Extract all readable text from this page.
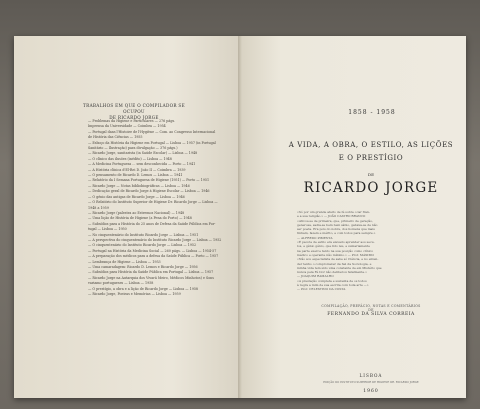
TRABALHOS EM QUE O COMPILADOR SE OCUPOU
DE RICARDO JORGE
— Problemas da Higiene e Particulares — 276 págs.
Imprensa da Universidade — Coimbra — 1954
— Portugal dans l'Histoire de l'Hygiène — Com. ao Congresso Internacional
de História das Ciências — 1955
— Esboço da História da Higiene em Portugal — Lisboa — 1957 (in Portugal
Sanitário — Ilustração) para divulgação — 376 págs.)
— Ricardo Jorge, sanitarista (in Saúde Escolar) — Lisboa — 1948
— O clínico das ilusões (inédito) — Lisboa — 1948
— A Medicina Portuguesa ... sem desconhecida — Porto — 1941
— A História clínica d'El-Rei D. João II — Coimbra — 1939
— O pensamento de Ricardo D. Lemos — Lisboa — 1941
— Relatório da I Semana Portuguesa de Higiene (1951) — Porto — 1951
— Ricardo Jorge — Notas bibliobiográficas — Lisboa — 1946
— Dedicação geral de Ricardo Jorge à Higiene Escolar — Lisboa — 1946
— O génio das antigas de Ricardo Jorge — Lisboa — 1946
— O Relatório do Instituto Superior de Higiene Dr. Ricardo Jorge — Lisboa —
1948 a 1959
— Ricardo Jorge (palestra ao Estremoz Nacional) — 1948
— Uma lição de História de Higiene (a Pena do Porto) — 1948
— Subsídios para a História do 25 anos de Defesa da Saúde Pública em Por-
tugal — Lisboa — 1950
— No cinquentenário do Instituto Ricardo Jorge — Lisboa — 1951
— A perspectiva do cinquentenário do Instituto Ricardo Jorge — Lisboa — 1952
— O cinquentenário do Instituto Ricardo Jorge — Lisboa — 1952
— Portugal na História da Medicina Social — 260 págs. — Lisboa — 1954-57
— A preparação dos médicos para a defesa da Saúde Pública — Porto — 1957
— Lembrança de Higiene — Lisboa — 1953
— Uma camaradagem: Ricardo D. Lemos e Ricardo Jorge — 1956
— Subsídios para História da Saúde Pública em Portugal — Lisboa — 1957
— Ricardo Jorge na Autarquia dos Vivarã Meiro, Médicos Minhotos) e Sons
variamo portugueses — Lisboa — 1958
— O prestígio, a obra e a lição de Ricardo Jorge — Lisboa — 1958
— Ricardo Jorge, Poeiras e Memórias — Lisboa — 1959
1858 - 1958
A VIDA, A OBRA, O ESTILO, AS LIÇÕES
E O PRESTÍGIO
DE
RICARDO JORGE
«Só por um grande afeito de fé sobre o lar fran-
e a sua religião.» — JOÃO CASTRO BRANCO
«Ativou-se de primeira, que, primeiro de geração,
generosa, sadia-se bem bem sábio, gabava-se de não
ser poeta. Era pois do nobre, dos homens que mais
tinham, fazem e mérito, e com todos para sempre.»
— ALFREDO PIMENTA
«É pacote de estilo era elevado aprender aos secu-
los, e gênio gênio, que lido leu, e sumariamente
na parte exerce tanto na sua posição como clínico
médico e operante não mínimo.» — Prof. MÁXIMO
«Não sou especialista de sabe só Ciência, e no enten-
der tenho o comprometer da fiel da Sociologia, e
minha vida tem sido uma constante de em Mistério que
nunca pela Fé Dor não deliberou fatalmente.»
— JOAQUIM RAMALHO
«A prestação completa e sustenta de os todos
à regra a mim de sua escrita com toda arte —»
— Prof. CELESTINO DA COSTA
COMPILAÇÃO, PREFÁCIO, NOTAS E COMENTÁRIOS
DE
FERNANDO DA SILVA CORREIA
LISBOA
EDIÇÃO DO INSTITUTO SUPERIOR DE HIGIENE DR. RICARDO JORGE
1960
